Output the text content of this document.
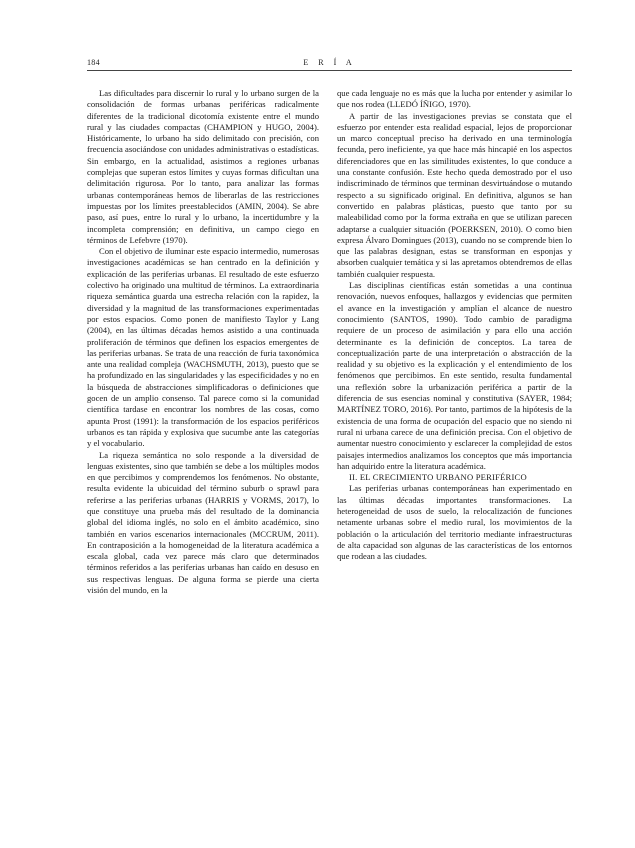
184	E R Í A

Las dificultades para discernir lo rural y lo urbano surgen de la consolidación de formas urbanas periféricas radicalmente diferentes de la tradicional dicotomía existente entre el mundo rural y las ciudades compactas (CHAMPION y HUGO, 2004). Históricamente, lo urbano ha sido delimitado con precisión, con frecuencia asociándose con unidades administrativas o estadísticas. Sin embargo, en la actualidad, asistimos a regiones urbanas complejas que superan estos límites y cuyas formas dificultan una delimitación rigurosa. Por lo tanto, para analizar las formas urbanas contemporáneas hemos de liberarlas de las restricciones impuestas por los límites preestablecidos (AMIN, 2004). Se abre paso, así pues, entre lo rural y lo urbano, la incertidumbre y la incompleta comprensión; en definitiva, un campo ciego en términos de Lefebvre (1970).

Con el objetivo de iluminar este espacio intermedio, numerosas investigaciones académicas se han centrado en la definición y explicación de las periferias urbanas. El resultado de este esfuerzo colectivo ha originado una multitud de términos. La extraordinaria riqueza semántica guarda una estrecha relación con la rapidez, la diversidad y la magnitud de las transformaciones experimentadas por estos espacios. Como ponen de manifiesto Taylor y Lang (2004), en las últimas décadas hemos asistido a una continuada proliferación de términos que definen los espacios emergentes de las periferias urbanas. Se trata de una reacción de furia taxonómica ante una realidad compleja (WACHSMUTH, 2013), puesto que se ha profundizado en las singularidades y las especificidades y no en la búsqueda de abstracciones simplificadoras o definiciones que gocen de un amplio consenso. Tal parece como si la comunidad científica tardase en encontrar los nombres de las cosas, como apunta Prost (1991): la transformación de los espacios periféricos urbanos es tan rápida y explosiva que sucumbe ante las categorías y el vocabulario.

La riqueza semántica no solo responde a la diversidad de lenguas existentes, sino que también se debe a los múltiples modos en que percibimos y comprendemos los fenómenos. No obstante, resulta evidente la ubicuidad del término suburb o sprawl para referirse a las periferias urbanas (HARRIS y VORMS, 2017), lo que constituye una prueba más del resultado de la dominancia global del idioma inglés, no solo en el ámbito académico, sino también en varios escenarios internacionales (MCCRUM, 2011). En contraposición a la homogeneidad de la literatura académica a escala global, cada vez parece más claro que determinados términos referidos a las periferias urbanas han caído en desuso en sus respectivas lenguas. De alguna forma se pierde una cierta visión del mundo, en la

que cada lenguaje no es más que la lucha por entender y asimilar lo que nos rodea (LLEDÓ ÍÑIGO, 1970).

A partir de las investigaciones previas se constata que el esfuerzo por entender esta realidad espacial, lejos de proporcionar un marco conceptual preciso ha derivado en una terminología fecunda, pero ineficiente, ya que hace más hincapié en los aspectos diferenciadores que en las similitudes existentes, lo que conduce a una constante confusión. Este hecho queda demostrado por el uso indiscriminado de términos que terminan desvirtuándose o mutando respecto a su significado original. En definitiva, algunos se han convertido en palabras plásticas, puesto que tanto por su maleabilidad como por la forma extraña en que se utilizan parecen adaptarse a cualquier situación (POERKSEN, 2010). O como bien expresa Álvaro Domingues (2013), cuando no se comprende bien lo que las palabras designan, estas se transforman en esponjas y absorben cualquier temática y si las apretamos obtendremos de ellas también cualquier respuesta.

Las disciplinas científicas están sometidas a una continua renovación, nuevos enfoques, hallazgos y evidencias que permiten el avance en la investigación y amplían el alcance de nuestro conocimiento (SANTOS, 1990). Todo cambio de paradigma requiere de un proceso de asimilación y para ello una acción determinante es la definición de conceptos. La tarea de conceptualización parte de una interpretación o abstracción de la realidad y su objetivo es la explicación y el entendimiento de los fenómenos que percibimos. En este sentido, resulta fundamental una reflexión sobre la urbanización periférica a partir de la diferencia de sus esencias nominal y constitutiva (SAYER, 1984; MARTÍNEZ TORO, 2016). Por tanto, partimos de la hipótesis de la existencia de una forma de ocupación del espacio que no siendo ni rural ni urbana carece de una definición precisa. Con el objetivo de aumentar nuestro conocimiento y esclarecer la complejidad de estos paisajes intermedios analizamos los conceptos que más importancia han adquirido entre la literatura académica.

II. EL CRECIMIENTO URBANO PERIFÉRICO

Las periferias urbanas contemporáneas han experimentado en las últimas décadas importantes transformaciones. La heterogeneidad de usos de suelo, la relocalización de funciones netamente urbanas sobre el medio rural, los movimientos de la población o la articulación del territorio mediante infraestructuras de alta capacidad son algunas de las características de los entornos que rodean a las ciudades.
